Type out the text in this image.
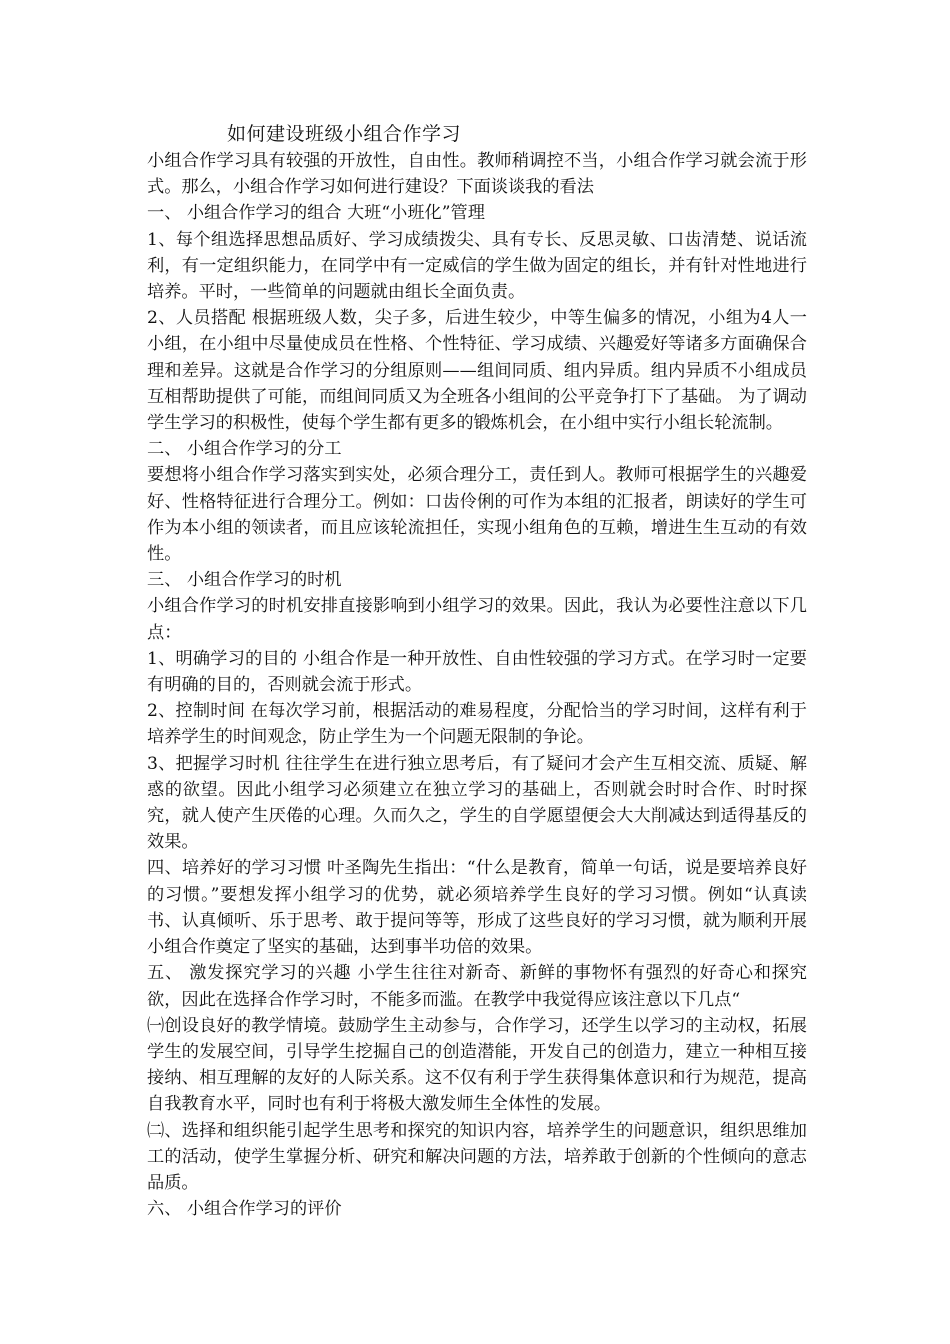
如何建设班级小组合作学习

小组合作学习具有较强的开放性，自由性。教师稍调控不当，小组合作学习就会流于形式。那么，小组合作学习如何进行建设？下面谈谈我的看法

一、 小组合作学习的组合 大班“小班化”管理

1、每个组选择思想品质好、学习成绩拨尖、具有专长、反思灵敏、口齿清楚、说话流利，有一定组织能力，在同学中有一定威信的学生做为固定的组长，并有针对性地进行培养。平时，一些简单的问题就由组长全面负责。

2、人员搭配 根据班级人数，尖子多，后进生较少，中等生偏多的情况，小组为4人一小组，在小组中尽量使成员在性格、个性特征、学习成绩、兴趣爱好等诸多方面确保合理和差异。这就是合作学习的分组原则——组间同质、组内异质。组内异质不小组成员互相帮助提供了可能，而组间同质又为全班各小组间的公平竞争打下了基础。 为了调动学生学习的积极性，使每个学生都有更多的锻炼机会，在小组中实行小组长轮流制。

二、 小组合作学习的分工

要想将小组合作学习落实到实处，必须合理分工，责任到人。教师可根据学生的兴趣爱好、性格特征进行合理分工。例如：口齿伶俐的可作为本组的汇报者，朗读好的学生可作为本小组的领读者，而且应该轮流担任，实现小组角色的互赖，增进生生互动的有效性。

三、 小组合作学习的时机

小组合作学习的时机安排直接影响到小组学习的效果。因此，我认为必要性注意以下几点：

1、明确学习的目的 小组合作是一种开放性、自由性较强的学习方式。在学习时一定要有明确的目的，否则就会流于形式。

2、控制时间 在每次学习前，根据活动的难易程度，分配恰当的学习时间，这样有利于培养学生的时间观念，防止学生为一个问题无限制的争论。

3、把握学习时机 往往学生在进行独立思考后，有了疑问才会产生互相交流、质疑、解惑的欲望。因此小组学习必须建立在独立学习的基础上，否则就会时时合作、时时探究，就人使产生厌倦的心理。久而久之，学生的自学愿望便会大大削减达到适得基反的效果。

四、培养好的学习习惯 叶圣陶先生指出：“什么是教育，简单一句话，说是要培养良好的习惯。”要想发挥小组学习的优势，就必须培养学生良好的学习习惯。例如“认真读书、认真倾听、乐于思考、敢于提问等等，形成了这些良好的学习习惯，就为顺利开展小组合作奠定了坚实的基础，达到事半功倍的效果。

五、 激发探究学习的兴趣 小学生往往对新奇、新鲜的事物怀有强烈的好奇心和探究欲，因此在选择合作学习时，不能多而滥。在教学中我觉得应该注意以下几点“

㈠创设良好的教学情境。鼓励学生主动参与，合作学习，还学生以学习的主动权，拓展学生的发展空间，引导学生挖掘自己的创造潜能，开发自己的创造力，建立一种相互接接纳、相互理解的友好的人际关系。这不仅有利于学生获得集体意识和行为规范，提高自我教育水平，同时也有利于将极大激发师生全体性的发展。

㈡、选择和组织能引起学生思考和探究的知识内容，培养学生的问题意识，组织思维加工的活动，使学生掌握分析、研究和解决问题的方法，培养敢于创新的个性倾向的意志品质。

六、 小组合作学习的评价
